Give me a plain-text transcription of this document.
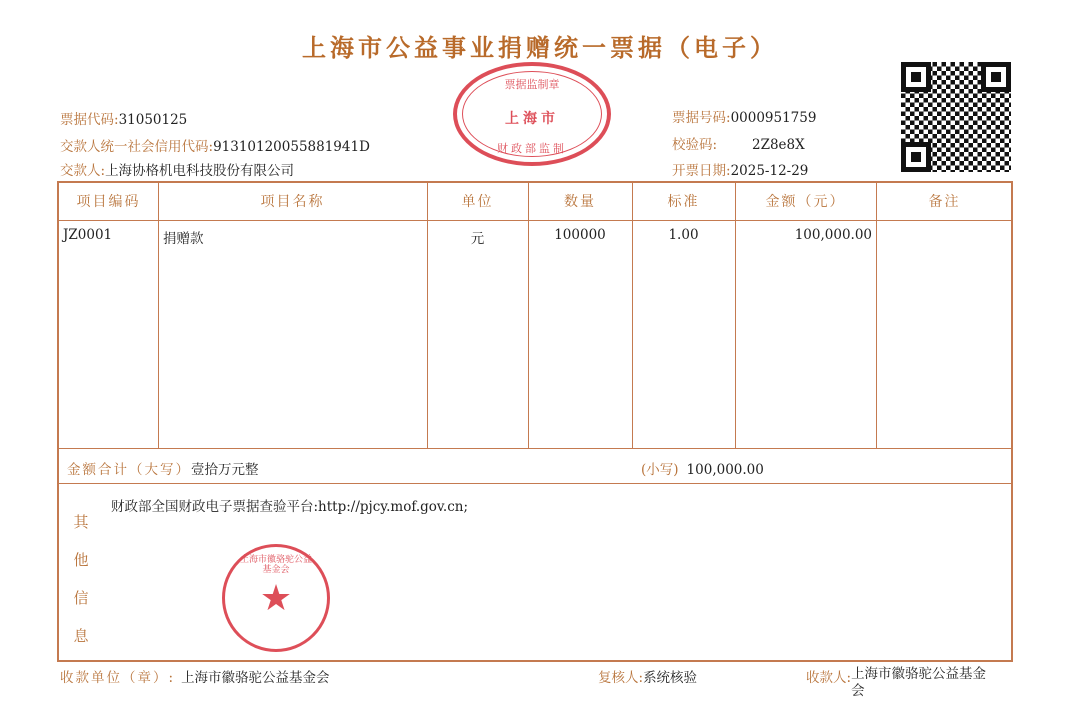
上海市公益事业捐赠统一票据（电子）
票据监制章
上海市
财政部监制
票据代码:31050125
交款人统一社会信用代码:91310120055881941D
交款人:上海协格机电科技股份有限公司
票据号码:0000951759
校验码:	2Z8e8X
开票日期:2025-12-29
项目编码	项目名称	单位	数量	标准	金额（元）	备注
JZ0001	捐赠款	元	100000	1.00	100,000.00
金额合计（大写）壹拾万元整	(小写) 100,000.00
其他信息
财政部全国财政电子票据查验平台:http://pjcy.mof.gov.cn;
上海市徽骆驼公益基金会
★
收款单位（章）: 上海市徽骆驼公益基金会	复核人:系统核验	收款人: 上海市徽骆驼公益基金会
